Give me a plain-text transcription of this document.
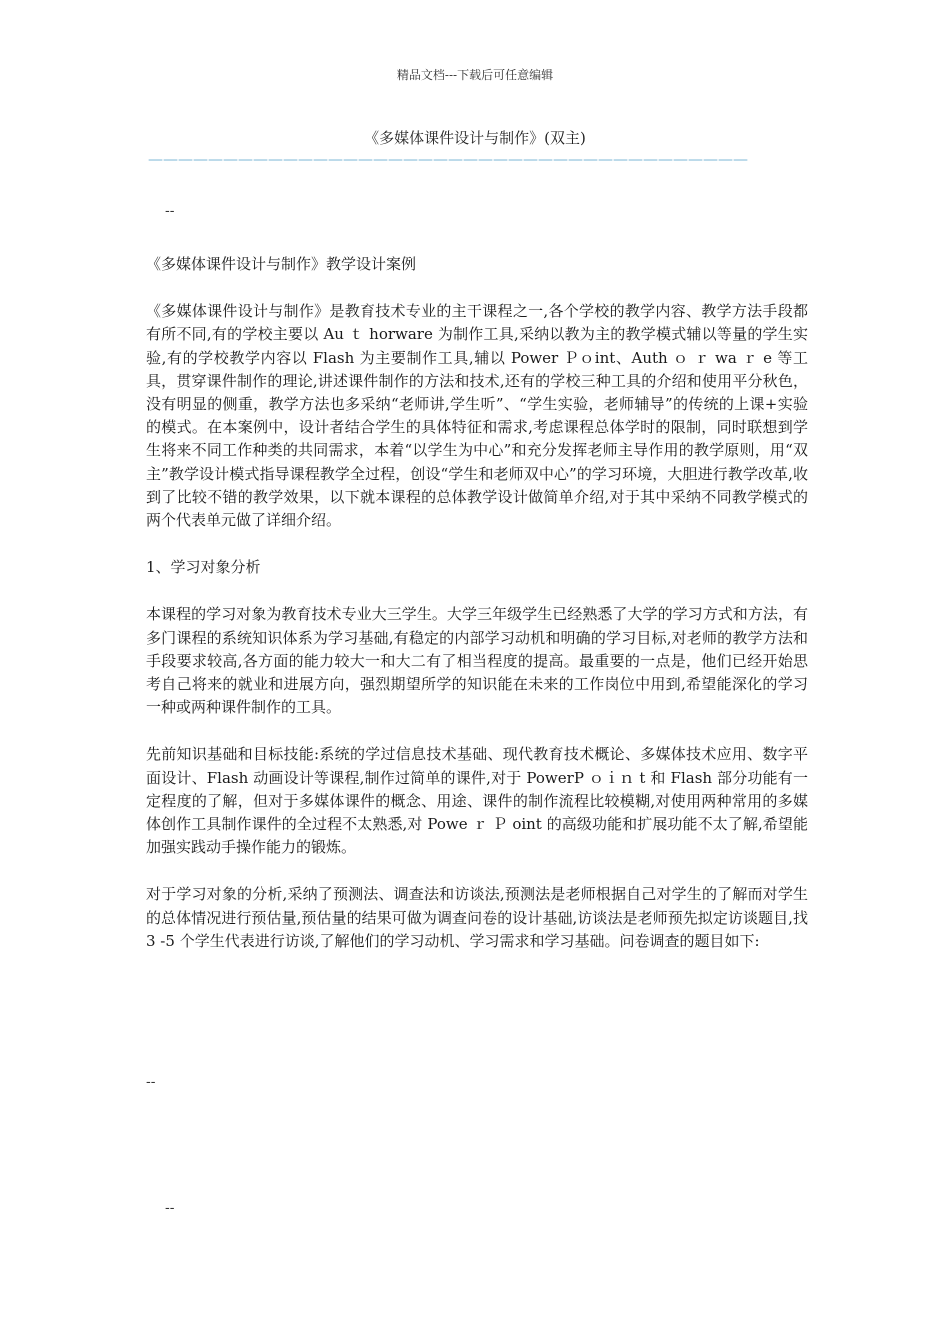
精品文档---下载后可任意编辑
《多媒体课件设计与制作》(双主)
————————————————————————————————————————
--

《多媒体课件设计与制作》教学设计案例

《多媒体课件设计与制作》是教育技术专业的主干课程之一,各个学校的教学内容、教学方法手段都有所不同,有的学校主要以 Au ｔ horware 为制作工具,采纳以教为主的教学模式辅以等量的学生实验,有的学校教学内容以 Flash 为主要制作工具,辅以 Power Ｐｏint、Auth ｏ ｒ wa ｒ e 等工具，贯穿课件制作的理论,讲述课件制作的方法和技术,还有的学校三种工具的介绍和使用平分秋色，没有明显的侧重，教学方法也多采纳“老师讲,学生听”、“学生实验，老师辅导”的传统的上课+实验的模式。在本案例中，设计者结合学生的具体特征和需求,考虑课程总体学时的限制，同时联想到学生将来不同工作种类的共同需求，本着“以学生为中心”和充分发挥老师主导作用的教学原则，用“双主”教学设计模式指导课程教学全过程，创设“学生和老师双中心”的学习环境，大胆进行教学改革,收到了比较不错的教学效果，以下就本课程的总体教学设计做简单介绍,对于其中采纳不同教学模式的两个代表单元做了详细介绍。

1、学习对象分析

本课程的学习对象为教育技术专业大三学生。大学三年级学生已经熟悉了大学的学习方式和方法，有多门课程的系统知识体系为学习基础,有稳定的内部学习动机和明确的学习目标,对老师的教学方法和手段要求较高,各方面的能力较大一和大二有了相当程度的提高。最重要的一点是，他们已经开始思考自己将来的就业和进展方向，强烈期望所学的知识能在未来的工作岗位中用到,希望能深化的学习一种或两种课件制作的工具。

先前知识基础和目标技能:系统的学过信息技术基础、现代教育技术概论、多媒体技术应用、数字平面设计、Flash 动画设计等课程,制作过简单的课件,对于 PowerP ｏｉｎ t 和 Flash 部分功能有一定程度的了解，但对于多媒体课件的概念、用途、课件的制作流程比较模糊,对使用两种常用的多媒体创作工具制作课件的全过程不太熟悉,对 Powe ｒ Ｐ oint 的高级功能和扩展功能不太了解,希望能加强实践动手操作能力的锻炼。

对于学习对象的分析,采纳了预测法、调查法和访谈法,预测法是老师根据自己对学生的了解而对学生的总体情况进行预估量,预估量的结果可做为调查问卷的设计基础,访谈法是老师预先拟定访谈题目,找 3 -5 个学生代表进行访谈,了解他们的学习动机、学习需求和学习基础。问卷调查的题目如下:

--
--
